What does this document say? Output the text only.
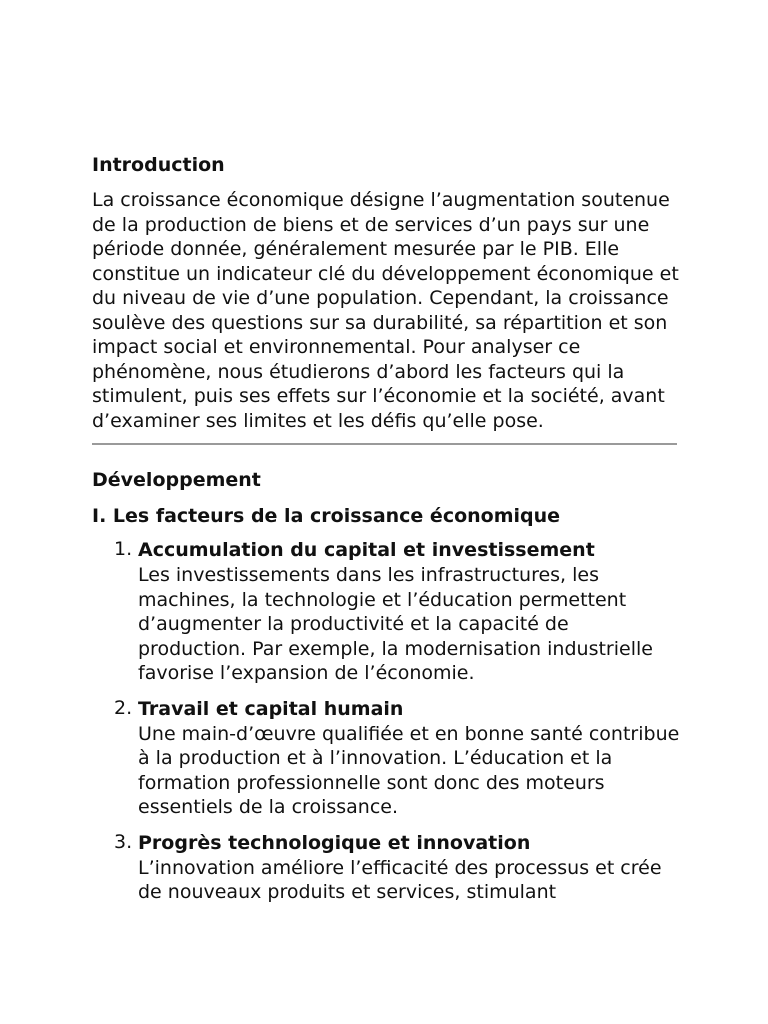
Introduction

La croissance économique désigne l’augmentation soutenue de la production de biens et de services d’un pays sur une période donnée, généralement mesurée par le PIB. Elle constitue un indicateur clé du développement économique et du niveau de vie d’une population. Cependant, la croissance soulève des questions sur sa durabilité, sa répartition et son impact social et environnemental. Pour analyser ce phénomène, nous étudierons d’abord les facteurs qui la stimulent, puis ses effets sur l’économie et la société, avant d’examiner ses limites et les défis qu’elle pose.

Développement
I. Les facteurs de la croissance économique
1. Accumulation du capital et investissement
Les investissements dans les infrastructures, les machines, la technologie et l’éducation permettent d’augmenter la productivité et la capacité de production. Par exemple, la modernisation industrielle favorise l’expansion de l’économie.
2. Travail et capital humain
Une main-d’œuvre qualifiée et en bonne santé contribue à la production et à l’innovation. L’éducation et la formation professionnelle sont donc des moteurs essentiels de la croissance.
3. Progrès technologique et innovation
L’innovation améliore l’efficacité des processus et crée de nouveaux produits et services, stimulant
